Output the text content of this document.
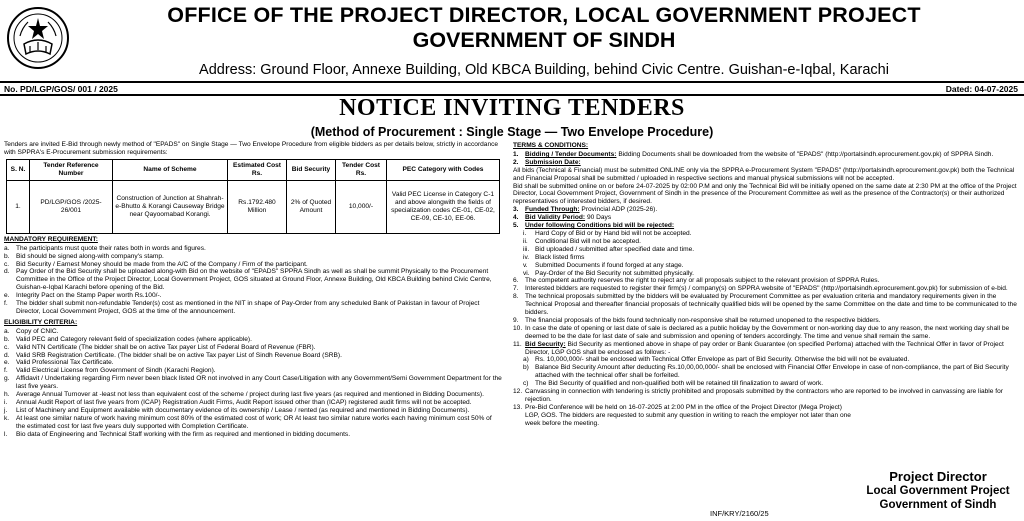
OFFICE OF THE PROJECT DIRECTOR, LOCAL GOVERNMENT PROJECT
GOVERNMENT OF SINDH
Address: Ground Floor, Annexe Building, Old KBCA Building, behind Civic Centre. Guishan-e-Iqbal, Karachi
No. PD/LGP/GOS/ 001 / 2025	Dated: 04-07-2025
NOTICE INVITING TENDERS
(Method of Procurement : Single Stage — Two Envelope Procedure)
Tenders are invited E-Bid through newly method of "EPADS" on Single Stage — Two Envelope Procedure from eligible bidders as per details below, strictly in accordance with SPPRA's E-Procurement submission requirements:
S. N.	Tender Reference Number	Name of Scheme	Estimated Cost Rs.	Bid Security	Tender Cost Rs.	PEC Category with Codes
1.	PD/LGP/GOS /2025-26/001	Construction of Junction at Shahrah-e-Bhutto & Korangi Causeway Bridge near Qayoomabad Korangi.	Rs.1792.480 Million	2% of Quoted Amount	10,000/-	Valid PEC License in Category C-1 and above alongwith the fields of specialization codes CE-01, CE-02, CE-09, CE-10, EE-06.
MANDATORY REQUIREMENT:
a. The participants must quote their rates both in words and figures.
b. Bid should be signed along-with company's stamp.
c.	Bid Security / Earnest Money should be made from the A/C of the Company / Firm of the participant.
d. Pay Order of the Bid Security shall be uploaded along-with Bid on the website of "EPADS" SPPRA Sindh as well as shall be summit Physically to the Procurement Committee in the Office of the Project Director, Local Government Project, GOS situated at Ground Floor, Annexe Building, Old KBCA Building behind Civic Centre, Guishan-e-Iqbal Karachi before opening of the Bid.
e. Integrity Pact on the Stamp Paper worth Rs.100/-.
f.	The bidder shall submit non-refundable Tender(s) cost as mentioned in the NIT in shape of Pay-Order from any scheduled Bank of Pakistan in favour of Project Director, Local Government Project, GOS at the time of the announcement.
ELIGIBILITY CRITERIA:
a. Copy of CNIC.
b. Valid PEC and Category relevant field of specialization codes (where applicable).
c.	Valid NTN Certificate (The bidder shall be on active Tax payer List of Federal Board of Revenue (FBR).
d. Valid SRB Registration Certificate. (The bidder shall be on active Tax payer List of Sindh Revenue Board (SRB).
e. Valid Professional Tax Certificate.
f.	Valid Electrical License from Government of Sindh (Karachi Region).
g. Affidavit / Undertaking regarding Firm never been black listed OR not involved in any Court Case/Litigation with any Government/Semi Government Department for the last five years.
h. Average Annual Turnover at -least not less than equivalent cost of the scheme / project during last five years (as required and mentioned in Bidding Documents).
i.	Annual Audit Report of last five years from (ICAP) Registration Audit Firms, Audit Report issued other than (ICAP) registered audit firms will not be accepted.
j.	List of Machinery and Equipment available with documentary evidence of its ownership / Lease / rented (as required and mentioned in Bidding Documents).
k.	At least one similar nature of work having minimum cost 80% of the estimated cost of work; OR At least two similar nature works each having minimum cost 50% of the estimated cost for last five years duly supported with Completion Certificate.
l.	Bio data of Engineering and Technical Staff working with the firm as required and mentioned in bidding documents.
TERMS & CONDITIONS:
1. Bidding / Tender Documents: Bidding Documents shall be downloaded from the website of "EPADS" (http://portalsindh.eprocurement.gov.pk) of SPPRA Sindh.
2. Submission Date:
All bids (Technical & Financial) must be submitted ONLINE only via the SPPRA e-Procurement System "EPADS" (http://portalsindh.eprocurement.gov.pk) both the Technical and Financial Proposal shall be submitted / uploaded in respective sections and manual physical submissions will not be accepted.
Bid shall be submitted online on or before 24-07-2025 by 02:00 P.M and only the Technical Bid will be initially opened on the same date at 2:30 PM at the office of the Project Director, Local Government Project, Government of Sindh in the presence of the Procurement Committee as well as the presence of the Contractor(s) or their authorized representatives of interested bidders, if desired.
3. Funded Through: Provincial ADP (2025-26).
4. Bid Validity Period: 90 Days
5. Under following Conditions bid will be rejected:
i.	Hard Copy of Bid or by Hand bid will not be accepted.
ii.	Conditional Bid will not be accepted.
iii. Bid uploaded / submitted after specified date and time.
iv. Black listed firms
v.	Submitted Documents if found forged at any stage.
vi. Pay-Order of the Bid Security not submitted physically.
6. The competent authority reserves the right to reject any or all proposals subject to the relevant provision of SPPRA Rules.
7. Interested bidders are requested to register their firm(s) / company(s) on SPPRA website of "EPADS" (http://portalsindh.eprocurement.gov.pk) for submission of e-bid.
8. The technical proposals submitted by the bidders will be evaluated by Procurement Committee as per evaluation criteria and mandatory requirements given in the Technical Proposal and thereafter financial proposals of technically qualified bids will be opened by the same Committee on the date and time to be communicated to the bidders.
9. The financial proposals of the bids found technically non-responsive shall be returned unopened to the respective bidders.
10. In case the date of opening or last date of sale is declared as a public holiday by the Government or non-working day due to any reason, the next working day shall be deemed to be the date for last date of sale and submission and opening of tenders accordingly. The time and venue shall remain the same.
11. Bid Security: Bid Security as mentioned above in shape of pay order or Bank Guarantee (on specified Perfoma) attached with the Technical Offer in favor of Project Director, LGP GOS shall be enclosed as follows: -
a) Rs. 10,000,000/- shall be enclosed with Technical Offer Envelope as part of Bid Security. Otherwise the bid will not be evaluated.
b) Balance Bid Security Amount after deducting Rs.10,00,00,000/- shall be enclosed with Financial Offer Envelope in case of non-compliance, the part of Bid Security attached with the technical offer shall be forfeited.
c) The Bid Security of qualified and non-qualified both will be retained till finalization to award of work.
12. Canvassing in connection with tendering is strictly prohibited and proposals submitted by the contractors who are reported to be involved in canvassing are liable for rejection.
13. Pre-Bid Conference will be held on 16-07-2025 at 2:00 PM in the office of the Project Director (Mega Project) LGP, GOS. The bidders are requested to submit any question in writing to reach the employer not later than one week before the meeting.
Project Director
Local Government Project
Government of Sindh
INF/KRY/2160/25
